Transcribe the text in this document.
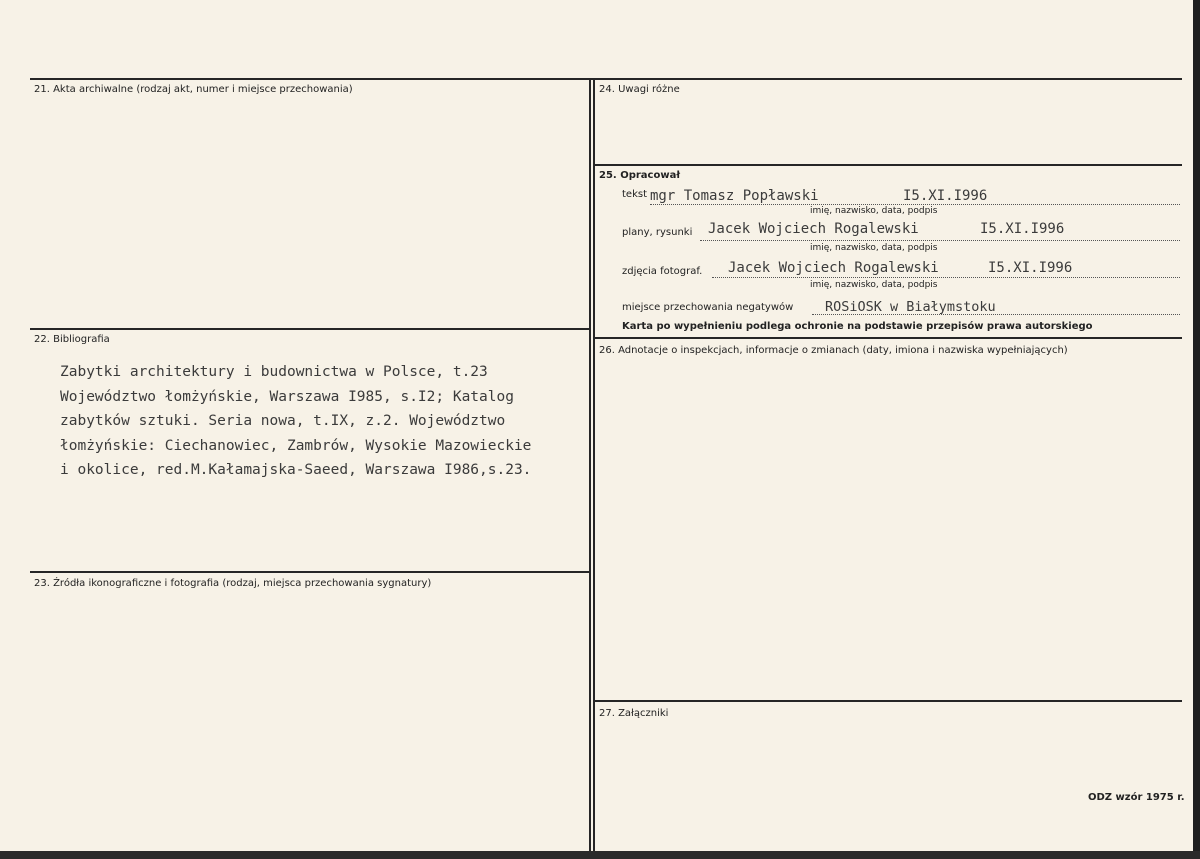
21. Akta archiwalne (rodzaj akt, numer i miejsce przechowania)
22. Bibliografia
Zabytki architektury i budownictwa w Polsce, t.23
Województwo łomżyńskie, Warszawa I985, s.I2; Katalog
zabytków sztuki. Seria nowa, t.IX, z.2. Województwo
łomżyńskie: Ciechanowiec, Zambrów, Wysokie Mazowieckie
i okolice, red.M.Kałamajska-Saeed, Warszawa I986,s.23.
23. Źródła ikonograficzne i fotografia (rodzaj, miejsca przechowania sygnatury)
24. Uwagi różne
25. Opracował
tekst mgr Tomasz Popławski	I5.XI.I996
imię, nazwisko, data, podpis
plany, rysunki Jacek Wojciech Rogalewski	I5.XI.I996
imię, nazwisko, data, podpis
zdjęcia fotograf. Jacek Wojciech Rogalewski	I5.XI.I996
imię, nazwisko, data, podpis
miejsce przechowania negatywów ROSiOSK w Białymstoku
Karta po wypełnieniu podlega ochronie na podstawie przepisów prawa autorskiego
26. Adnotacje o inspekcjach, informacje o zmianach (daty, imiona i nazwiska wypełniających)
27. Załączniki
ODZ wzór 1975 r.
